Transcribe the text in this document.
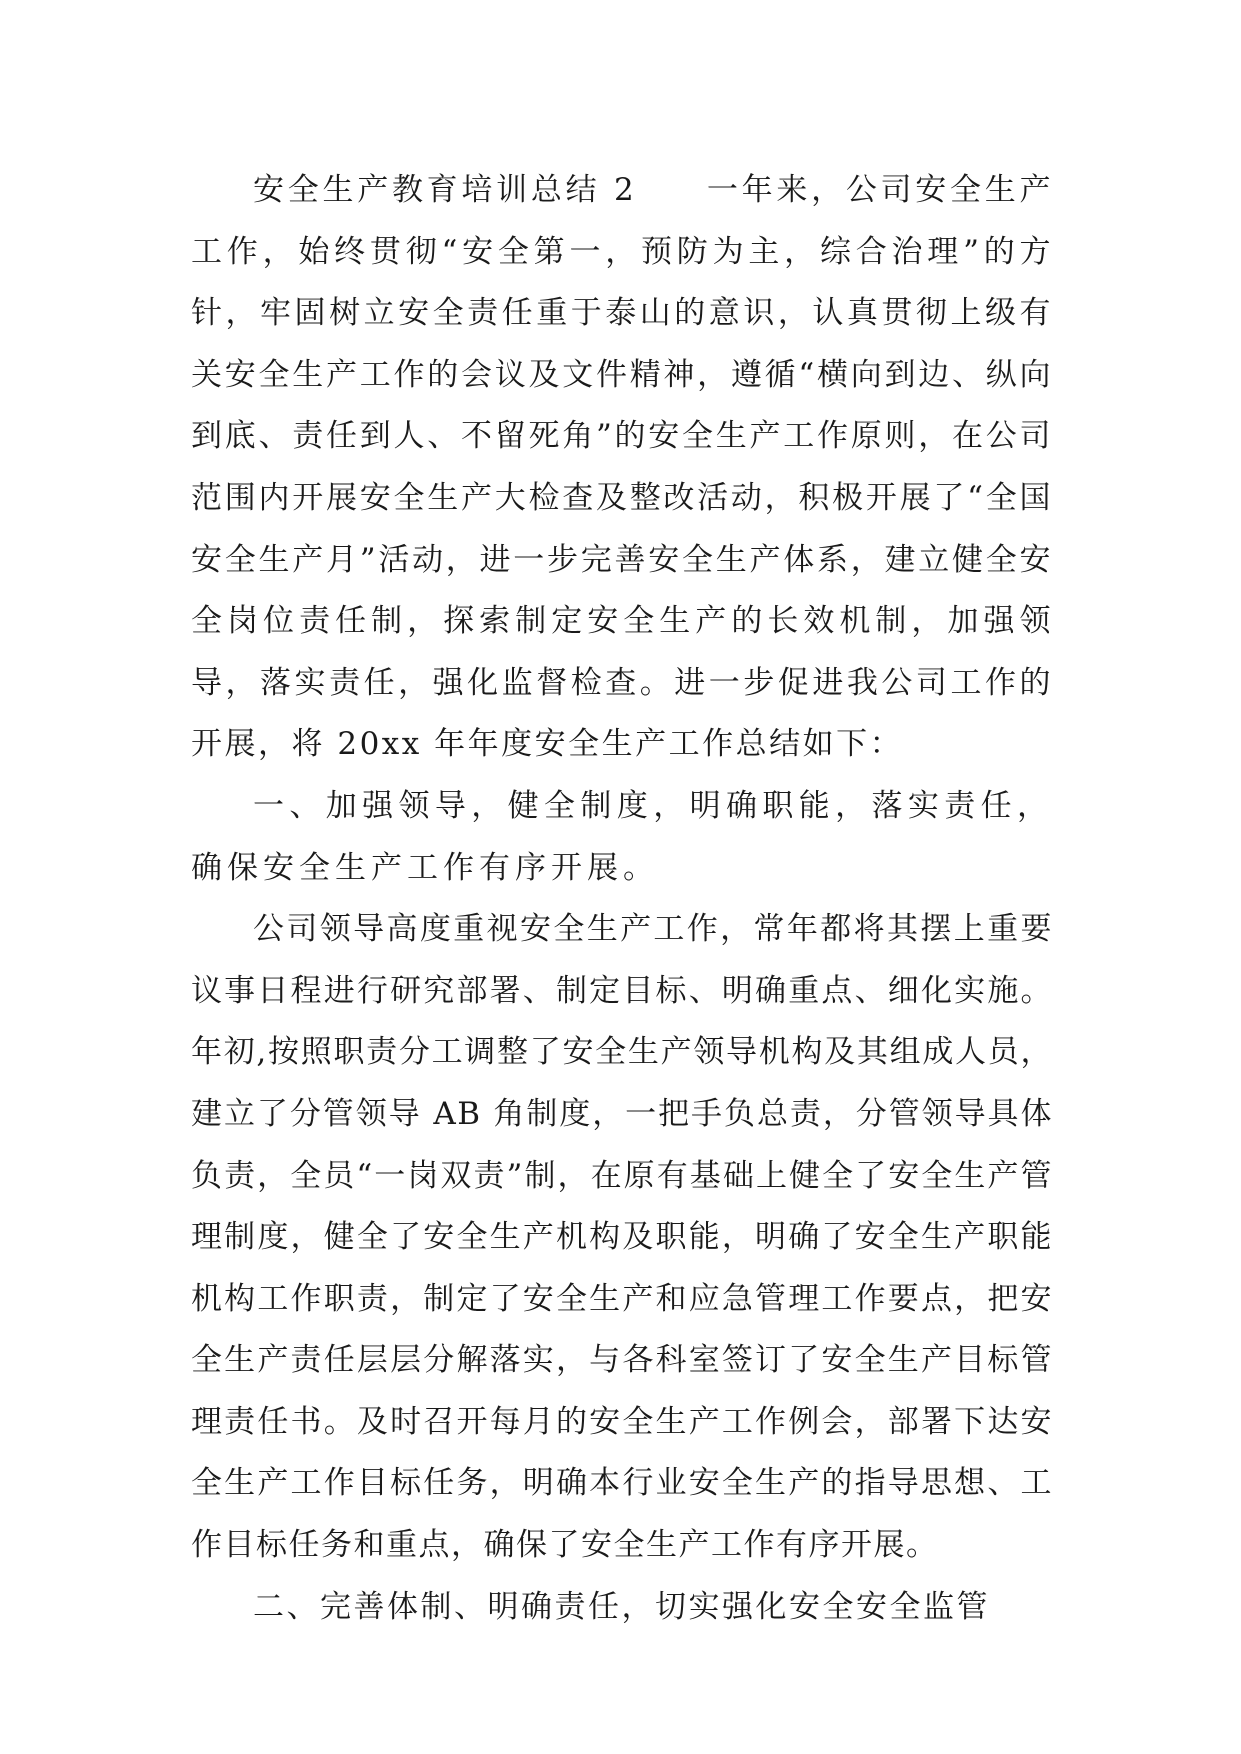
安全生产教育培训总结 2　　一年来，公司安全生产工作，始终贯彻“安全第一，预防为主，综合治理”的方针，牢固树立安全责任重于泰山的意识，认真贯彻上级有关安全生产工作的会议及文件精神，遵循“横向到边、纵向到底、责任到人、不留死角”的安全生产工作原则，在公司范围内开展安全生产大检查及整改活动，积极开展了“全国安全生产月”活动，进一步完善安全生产体系，建立健全安全岗位责任制，探索制定安全生产的长效机制，加强领导，落实责任，强化监督检查。进一步促进我公司工作的开展，将 20xx 年年度安全生产工作总结如下：

一、加强领导，健全制度，明确职能，落实责任，确保安全生产工作有序开展。

公司领导高度重视安全生产工作，常年都将其摆上重要议事日程进行研究部署、制定目标、明确重点、细化实施。年初,按照职责分工调整了安全生产领导机构及其组成人员，建立了分管领导 AB 角制度，一把手负总责，分管领导具体负责，全员“一岗双责”制，在原有基础上健全了安全生产管理制度，健全了安全生产机构及职能，明确了安全生产职能机构工作职责，制定了安全生产和应急管理工作要点，把安全生产责任层层分解落实，与各科室签订了安全生产目标管理责任书。及时召开每月的安全生产工作例会，部署下达安全生产工作目标任务，明确本行业安全生产的指导思想、工作目标任务和重点，确保了安全生产工作有序开展。

二、完善体制、明确责任，切实强化安全安全监管
